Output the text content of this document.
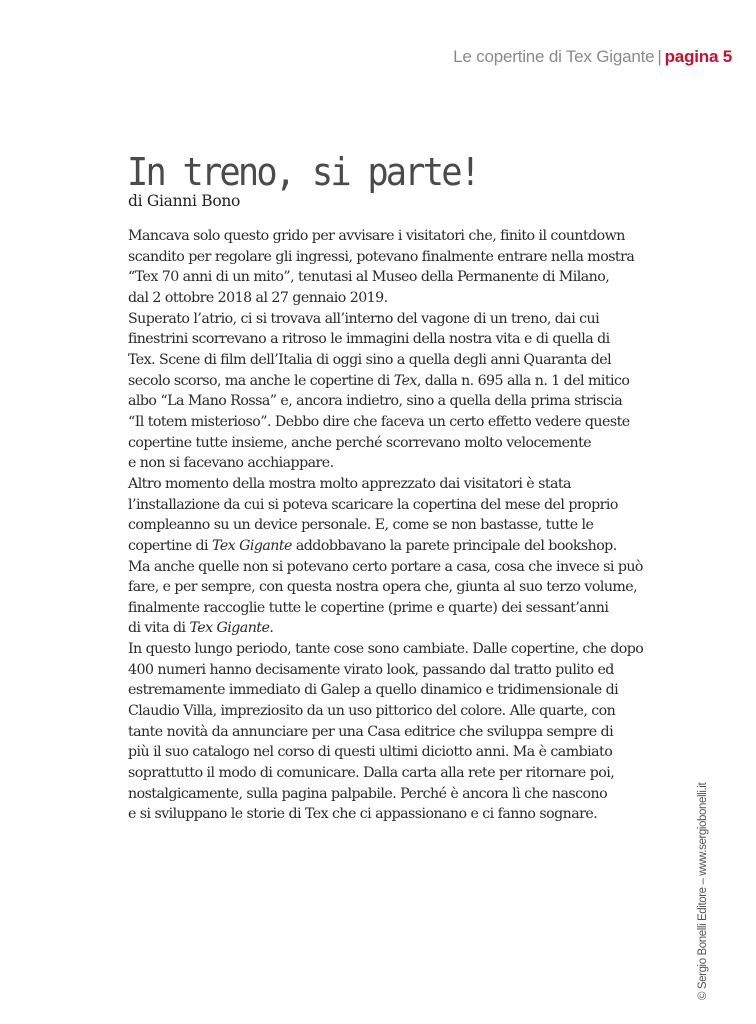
Le copertine di Tex Gigante | pagina 5
In treno, si parte!
di Gianni Bono
Mancava solo questo grido per avvisare i visitatori che, finito il countdown
scandito per regolare gli ingressi, potevano finalmente entrare nella mostra
“Tex 70 anni di un mito”, tenutasi al Museo della Permanente di Milano,
dal 2 ottobre 2018 al 27 gennaio 2019.
Superato l’atrio, ci si trovava all’interno del vagone di un treno, dai cui
finestrini scorrevano a ritroso le immagini della nostra vita e di quella di
Tex. Scene di film dell’Italia di oggi sino a quella degli anni Quaranta del
secolo scorso, ma anche le copertine di Tex, dalla n. 695 alla n. 1 del mitico
albo “La Mano Rossa” e, ancora indietro, sino a quella della prima striscia
“Il totem misterioso”. Debbo dire che faceva un certo effetto vedere queste
copertine tutte insieme, anche perché scorrevano molto velocemente
e non si facevano acchiappare.
Altro momento della mostra molto apprezzato dai visitatori è stata
l’installazione da cui si poteva scaricare la copertina del mese del proprio
compleanno su un device personale. E, come se non bastasse, tutte le
copertine di Tex Gigante addobbavano la parete principale del bookshop.
Ma anche quelle non si potevano certo portare a casa, cosa che invece si può
fare, e per sempre, con questa nostra opera che, giunta al suo terzo volume,
finalmente raccoglie tutte le copertine (prime e quarte) dei sessant’anni
di vita di Tex Gigante.
In questo lungo periodo, tante cose sono cambiate. Dalle copertine, che dopo
400 numeri hanno decisamente virato look, passando dal tratto pulito ed
estremamente immediato di Galep a quello dinamico e tridimensionale di
Claudio Villa, impreziosito da un uso pittorico del colore. Alle quarte, con
tante novità da annunciare per una Casa editrice che sviluppa sempre di
più il suo catalogo nel corso di questi ultimi diciotto anni. Ma è cambiato
soprattutto il modo di comunicare. Dalla carta alla rete per ritornare poi,
nostalgicamente, sulla pagina palpabile. Perché è ancora lì che nascono
e si sviluppano le storie di Tex che ci appassionano e ci fanno sognare.	© Sergio Bonelli Editore – www.sergiobonelli.it
